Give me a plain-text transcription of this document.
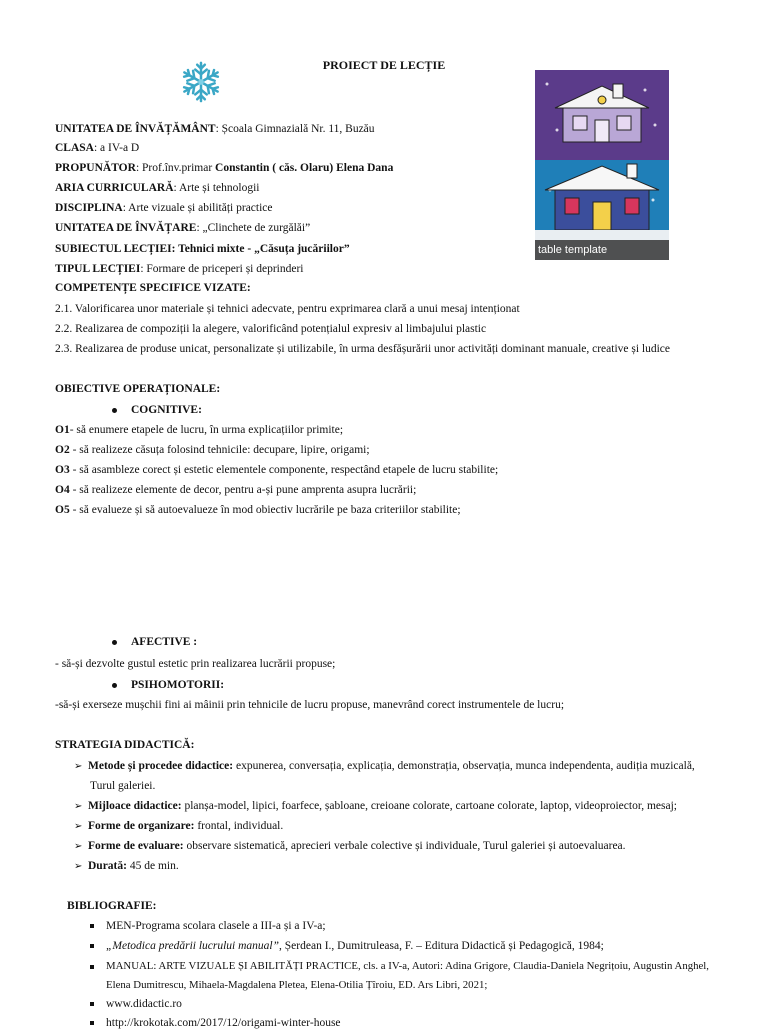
PROIECT DE LECȚIE
table template
UNITATEA DE ÎNVĂȚĂMÂNT: Școala Gimnazială Nr. 11, Buzău
CLASA: a IV-a D
PROPUNĂTOR: Prof.înv.primar Constantin ( căs. Olaru) Elena Dana
ARIA CURRICULARĂ: Arte și tehnologii
DISCIPLINA: Arte vizuale și abilități practice
UNITATEA DE ÎNVĂȚARE: „Clinchete de zurgălăi”
SUBIECTUL LECȚIEI: Tehnici mixte - „Căsuța jucăriilor”
TIPUL LECȚIEI: Formare de priceperi și deprinderi
COMPETENȚE SPECIFICE VIZATE:
2.1. Valorificarea unor materiale și tehnici adecvate, pentru exprimarea clară a unui mesaj intenționat
2.2. Realizarea de compoziții la alegere, valorificând potențialul expresiv al limbajului plastic
2.3. Realizarea de produse unicat, personalizate și utilizabile, în urma desfășurării unor activități dominant manuale, creative și ludice
OBIECTIVE OPERAȚIONALE:
COGNITIVE:
O1- să enumere etapele de lucru, în urma explicațiilor primite;
O2 - să realizeze căsuța folosind tehnicile: decupare, lipire, origami;
O3 - să asambleze corect și estetic elementele componente, respectând etapele de lucru stabilite;
O4 - să realizeze elemente de decor, pentru a-și pune amprenta asupra lucrării;
O5 - să evalueze și să autoevalueze în mod obiectiv lucrările pe baza criteriilor stabilite;
AFECTIVE :
- să-și dezvolte gustul estetic prin realizarea lucrării propuse;
PSIHOMOTORII:
-să-și exerseze mușchii fini ai mâinii prin tehnicile de lucru propuse, manevrând corect instrumentele de lucru;
STRATEGIA DIDACTICĂ:
➢ Metode și procedee didactice: expunerea, conversația, explicația, demonstrația, observația, munca independenta, audiția muzicală,
Turul galeriei.
➢ Mijloace didactice: planșa-model, lipici, foarfece, șabloane, creioane colorate, cartoane colorate, laptop, videoproiector, mesaj;
➢ Forme de organizare: frontal, individual.
➢ Forme de evaluare: observare sistematică, aprecieri verbale colective și individuale, Turul galeriei și autoevaluarea.
➢ Durată: 45 de min.
BIBLIOGRAFIE:
MEN-Programa scolara clasele a III-a și a IV-a;
„Metodica predării lucrului manual”, Șerdean I., Dumitruleasa, F. – Editura Didactică și Pedagogică, 1984;
MANUAL: ARTE VIZUALE ȘI ABILITĂȚI PRACTICE, cls. a IV-a, Autori: Adina Grigore, Claudia-Daniela Negrițoiu, Augustin Anghel,
Elena Dumitrescu, Mihaela-Magdalena Pletea, Elena-Otilia Țîroiu, ED. Ars Libri, 2021;
www.didactic.ro
http://krokotak.com/2017/12/origami-winter-house
